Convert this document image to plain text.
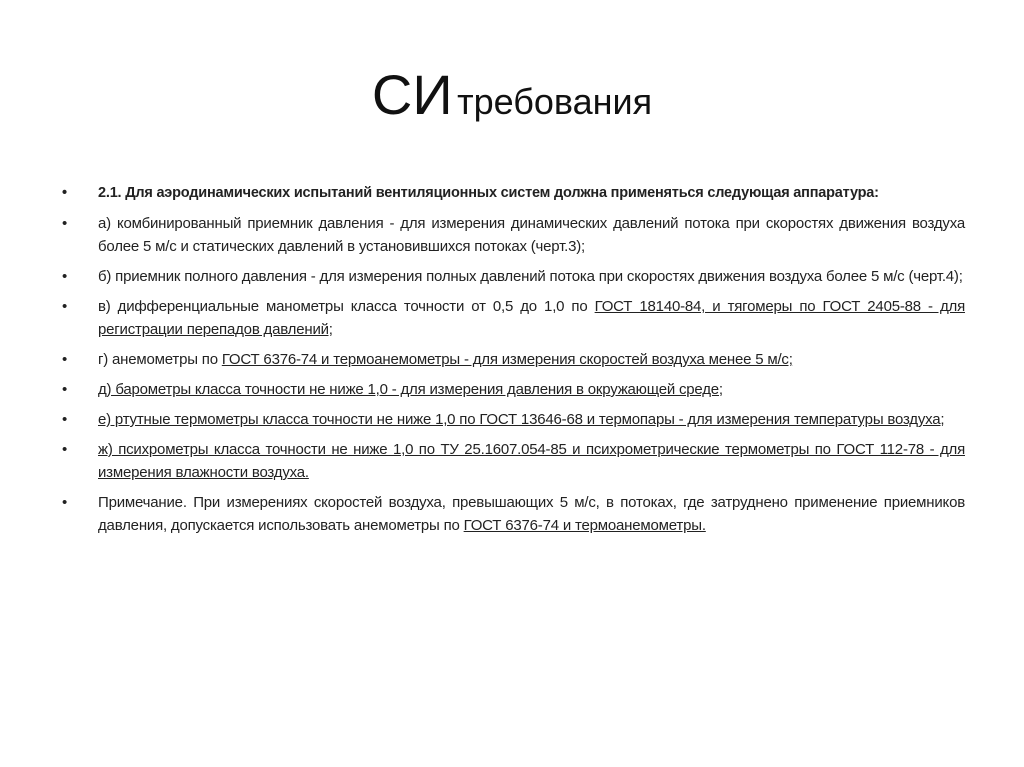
СИ требования
• 2.1. Для аэродинамических испытаний вентиляционных систем должна применяться следующая аппаратура:
• а) комбинированный приемник давления - для измерения динамических давлений потока при скоростях движения воздуха более 5 м/с и статических давлений в установившихся потоках (черт.3);
• б) приемник полного давления - для измерения полных давлений потока при скоростях движения воздуха более 5 м/с (черт.4);
• в) дифференциальные манометры класса точности от 0,5 до 1,0 по ГОСТ 18140-84, и тягомеры по ГОСТ 2405-88 - для регистрации перепадов давлений;
• г) анемометры по ГОСТ 6376-74 и термоанемометры - для измерения скоростей воздуха менее 5 м/с;
• д) барометры класса точности не ниже 1,0 - для измерения давления в окружающей среде;
• е) ртутные термометры класса точности не ниже 1,0 по ГОСТ 13646-68 и термопары - для измерения температуры воздуха;
• ж) психрометры класса точности не ниже 1,0 по ТУ 25.1607.054-85 и психрометрические термометры по ГОСТ 112-78 - для измерения влажности воздуха.
• Примечание. При измерениях скоростей воздуха, превышающих 5 м/с, в потоках, где затруднено применение приемников давления, допускается использовать анемометры по ГОСТ 6376-74 и термоанемометры.
